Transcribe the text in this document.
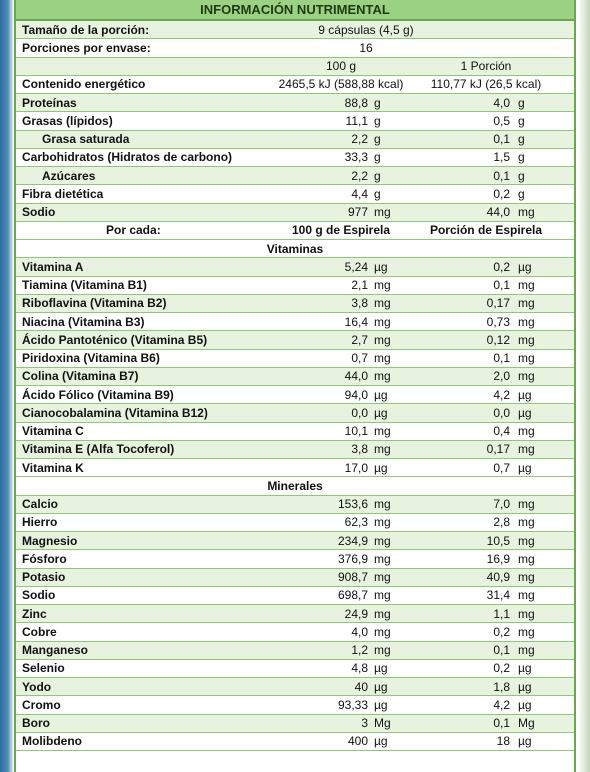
INFORMACIÓN NUTRIMENTAL
Tamaño de la porción:	9 cápsulas (4,5 g)
Porciones por envase:	16
100 g	1 Porción
Contenido energético	2465,5 kJ (588,88 kcal)	110,77 kJ (26,5 kcal)
Proteínas	88,8 g	4,0 g
Grasas (lípidos)	11,1 g	0,5 g
Grasa saturada	2,2 g	0,1 g
Carbohidratos (Hidratos de carbono)	33,3 g	1,5 g
Azúcares	2,2 g	0,1 g
Fibra dietética	4,4 g	0,2 g
Sodio	977 mg	44,0 mg
Por cada:	100 g de Espirela	Porción de Espirela
Vitaminas
Vitamina A	5,24 µg	0,2 µg
Tiamina (Vitamina B1)	2,1 mg	0,1 mg
Riboflavina (Vitamina B2)	3,8 mg	0,17 mg
Niacina (Vitamina B3)	16,4 mg	0,73 mg
Ácido Pantoténico (Vitamina B5)	2,7 mg	0,12 mg
Piridoxina (Vitamina B6)	0,7 mg	0,1 mg
Colina (Vitamina B7)	44,0 mg	2,0 mg
Ácido Fólico (Vitamina B9)	94,0 µg	4,2 µg
Cianocobalamina (Vitamina B12)	0,0 µg	0,0 µg
Vitamina C	10,1 mg	0,4 mg
Vitamina E (Alfa Tocoferol)	3,8 mg	0,17 mg
Vitamina K	17,0 µg	0,7 µg
Minerales
Calcio	153,6 mg	7,0 mg
Hierro	62,3 mg	2,8 mg
Magnesio	234,9 mg	10,5 mg
Fósforo	376,9 mg	16,9 mg
Potasio	908,7 mg	40,9 mg
Sodio	698,7 mg	31,4 mg
Zinc	24,9 mg	1,1 mg
Cobre	4,0 mg	0,2 mg
Manganeso	1,2 mg	0,1 mg
Selenio	4,8 µg	0,2 µg
Yodo	40 µg	1,8 µg
Cromo	93,33 µg	4,2 µg
Boro	3 Mg	0,1 Mg
Molibdeno	400 µg	18 µg
